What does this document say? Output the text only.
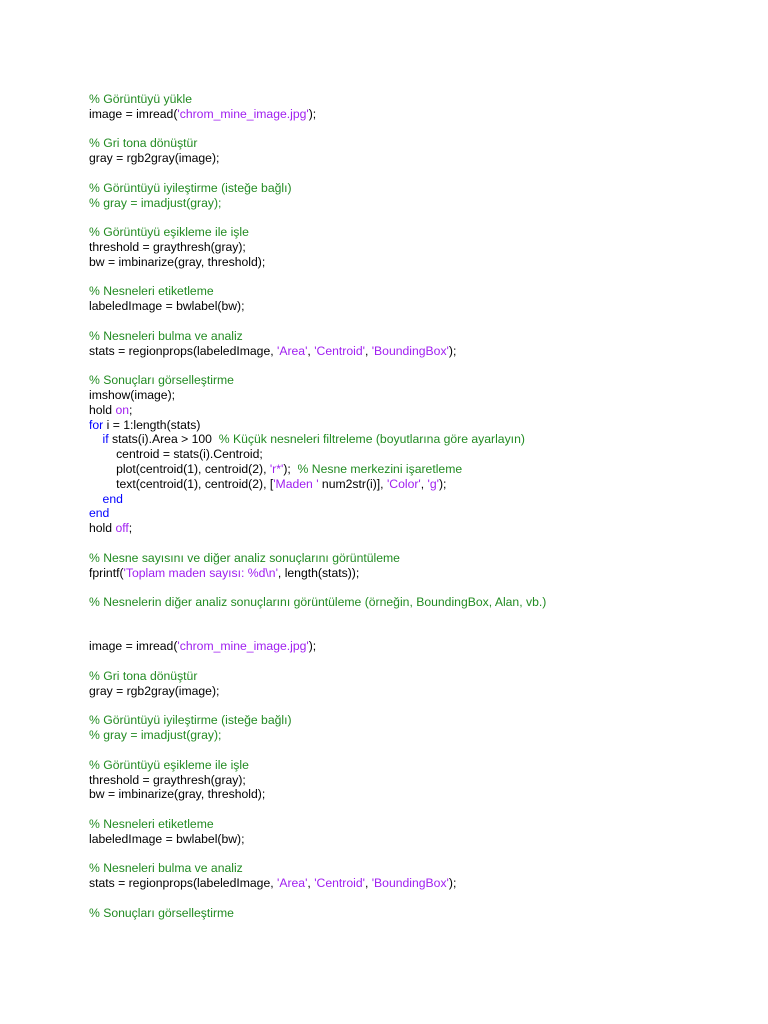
% Görüntüyü yükle
image = imread('chrom_mine_image.jpg');
% Gri tona dönüştür
gray = rgb2gray(image);
% Görüntüyü iyileştirme (isteğe bağlı)
% gray = imadjust(gray);
% Görüntüyü eşikleme ile işle
threshold = graythresh(gray);
bw = imbinarize(gray, threshold);
% Nesneleri etiketleme
labeledImage = bwlabel(bw);
% Nesneleri bulma ve analiz
stats = regionprops(labeledImage, 'Area', 'Centroid', 'BoundingBox');
% Sonuçları görselleştirme
imshow(image);
hold on;
for i = 1:length(stats)
if stats(i).Area > 100  % Küçük nesneleri filtreleme (boyutlarına göre ayarlayın)
centroid = stats(i).Centroid;
plot(centroid(1), centroid(2), 'r*');  % Nesne merkezini işaretleme
text(centroid(1), centroid(2), ['Maden ' num2str(i)], 'Color', 'g');
end
end
hold off;
% Nesne sayısını ve diğer analiz sonuçlarını görüntüleme
fprintf('Toplam maden sayısı: %d\n', length(stats));
% Nesnelerin diğer analiz sonuçlarını görüntüleme (örneğin, BoundingBox, Alan, vb.)
image = imread('chrom_mine_image.jpg');
% Gri tona dönüştür
gray = rgb2gray(image);
% Görüntüyü iyileştirme (isteğe bağlı)
% gray = imadjust(gray);
% Görüntüyü eşikleme ile işle
threshold = graythresh(gray);
bw = imbinarize(gray, threshold);
% Nesneleri etiketleme
labeledImage = bwlabel(bw);
% Nesneleri bulma ve analiz
stats = regionprops(labeledImage, 'Area', 'Centroid', 'BoundingBox');
% Sonuçları görselleştirme
